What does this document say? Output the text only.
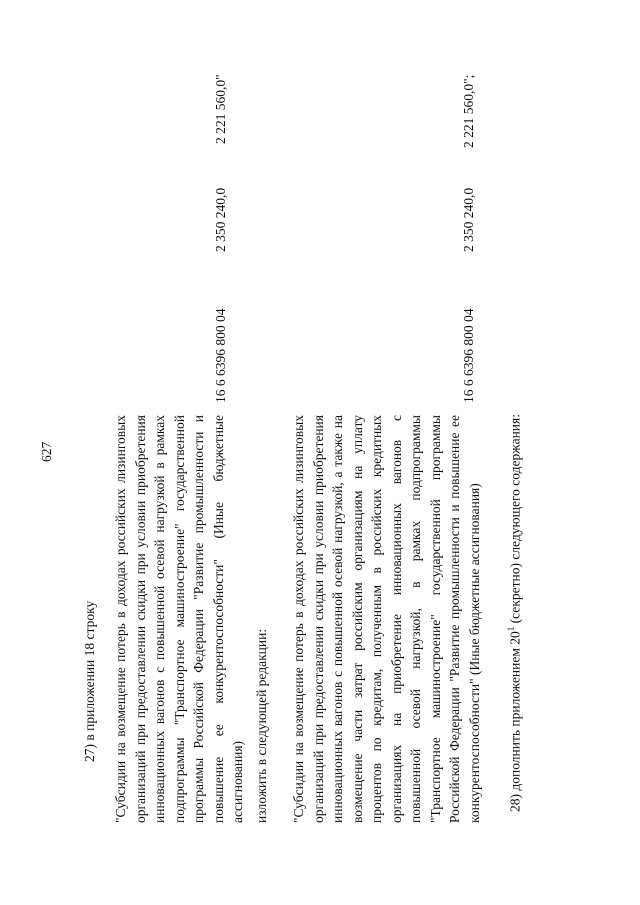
627
27) в приложении 18 строку "Субсидии на возмещение потерь в доходах российских лизинговых организаций при предоставлении скидки при условии приобретения инновационных вагонов с повышенной осевой нагрузкой в рамках подпрограммы "Транспортное машиностроение" государственной программы Российской Федерации "Развитие промышленности и повышение ее конкурентоспособности" (Иные бюджетные ассигнования)
16 6 6396 800 04
2 350 240,0
2 221 560,0"
изложить в следующей редакции: "Субсидии на возмещение потерь в доходах российских лизинговых организаций при предоставлении скидки при условии приобретения инновационных вагонов с повышенной осевой нагрузкой, а также на возмещение части затрат российским организациям на уплату процентов по кредитам, полученным в российских кредитных организациях на приобретение инновационных вагонов с повышенной осевой нагрузкой, в рамках подпрограммы "Транспортное машиностроение" государственной программы Российской Федерации "Развитие промышленности и повышение ее конкурентоспособности" (Иные бюджетные ассигнования)
16 6 6396 800 04
2 350 240,0
2 221 560,0";
28) дополнить приложением $20^1$ (секретно) следующего содержания:
